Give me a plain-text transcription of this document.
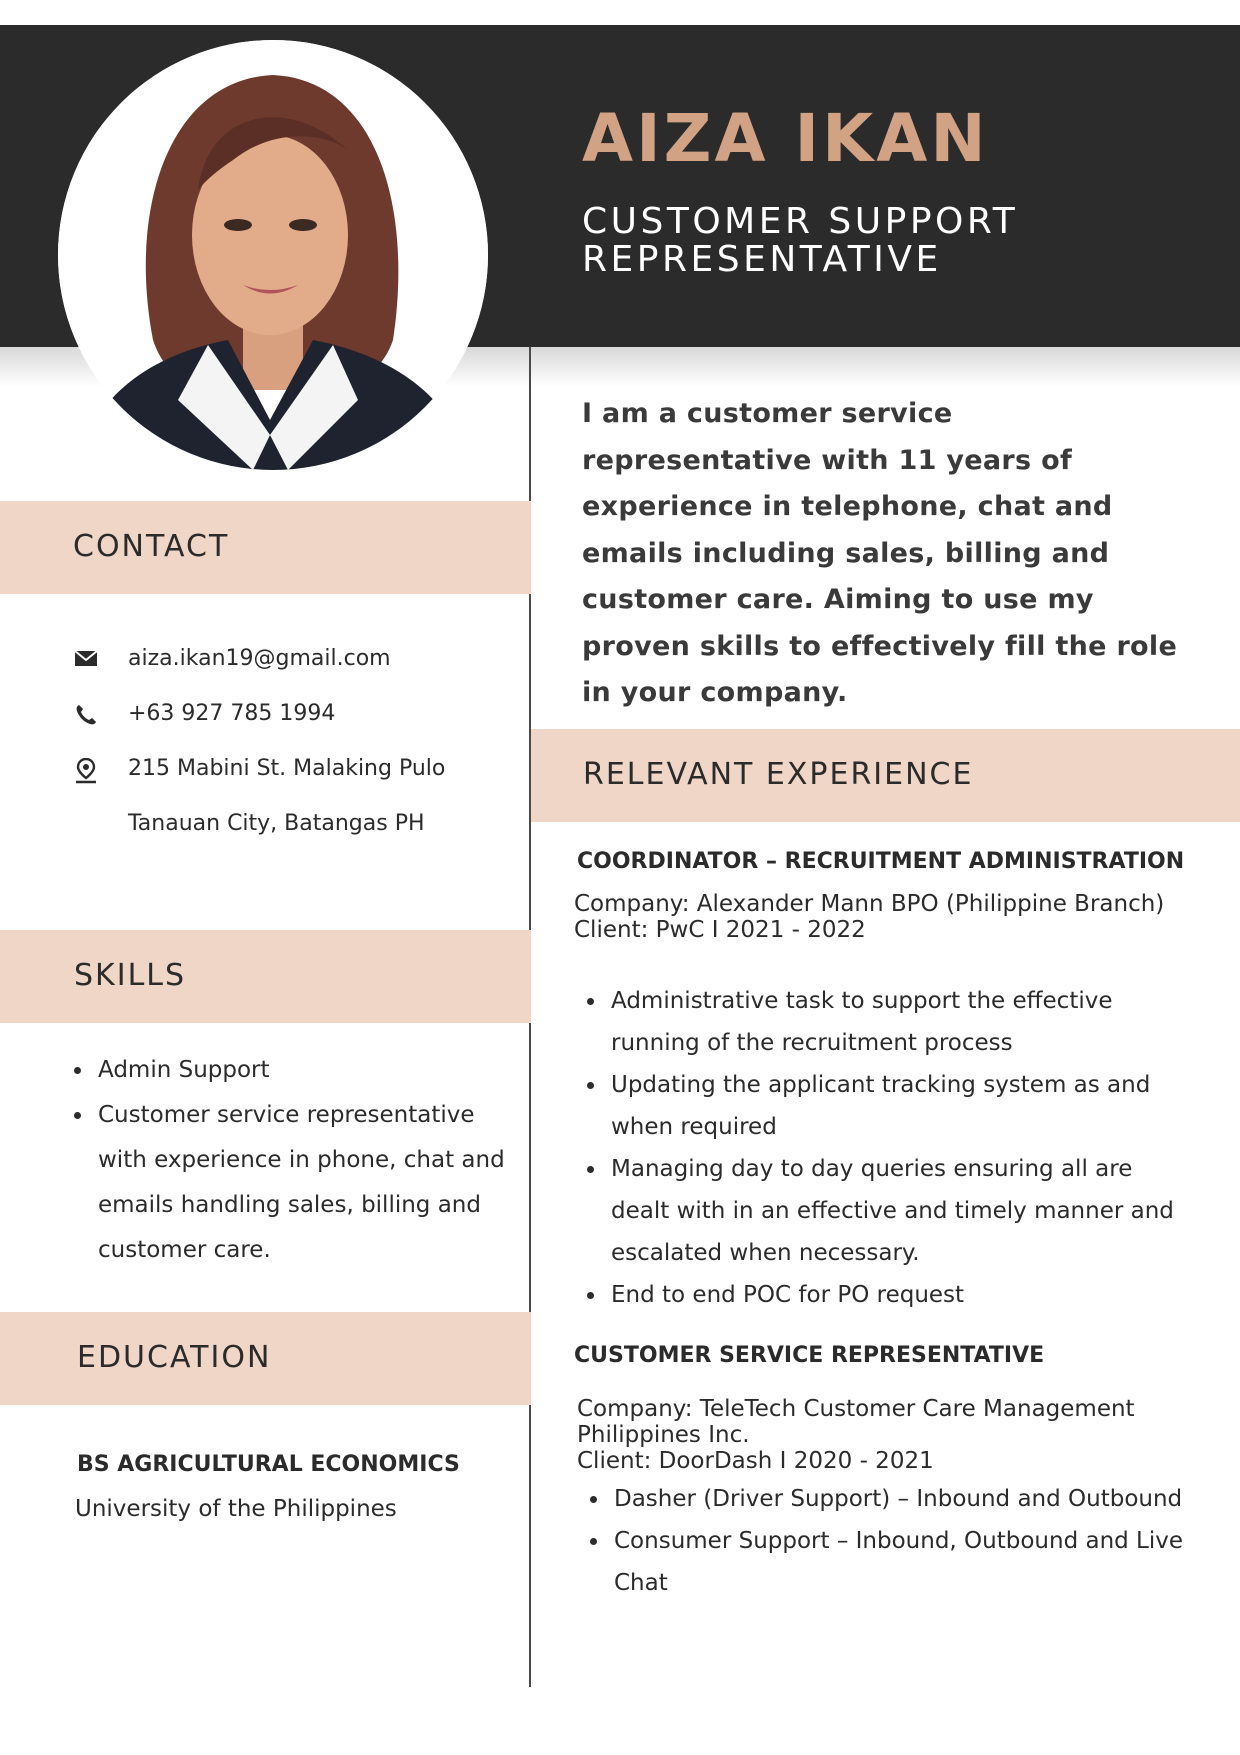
AIZA IKAN
CUSTOMER SUPPORT
REPRESENTATIVE
I am a customer service representative with 11 years of experience in telephone, chat and emails including sales, billing and customer care. Aiming to use my proven skills to effectively fill the role in your company.
CONTACT
aiza.ikan19@gmail.com
+63 927 785 1994
215 Mabini St. Malaking Pulo
Tanauan City, Batangas PH
SKILLS
Admin Support
Customer service representative
with experience in phone, chat and
emails handling sales, billing and
customer care.
EDUCATION
BS AGRICULTURAL ECONOMICS
University of the Philippines
RELEVANT EXPERIENCE
COORDINATOR – RECRUITMENT ADMINISTRATION
Company: Alexander Mann BPO (Philippine Branch)
Client: PwC I 2021 - 2022
Administrative task to support the effective
running of the recruitment process
Updating the applicant tracking system as and
when required
Managing day to day queries ensuring all are
dealt with in an effective and timely manner and
escalated when necessary.
End to end POC for PO request
CUSTOMER SERVICE REPRESENTATIVE
Company: TeleTech Customer Care Management
Philippines Inc.
Client: DoorDash I 2020 - 2021
Dasher (Driver Support) – Inbound and Outbound
Consumer Support – Inbound, Outbound and Live
Chat
